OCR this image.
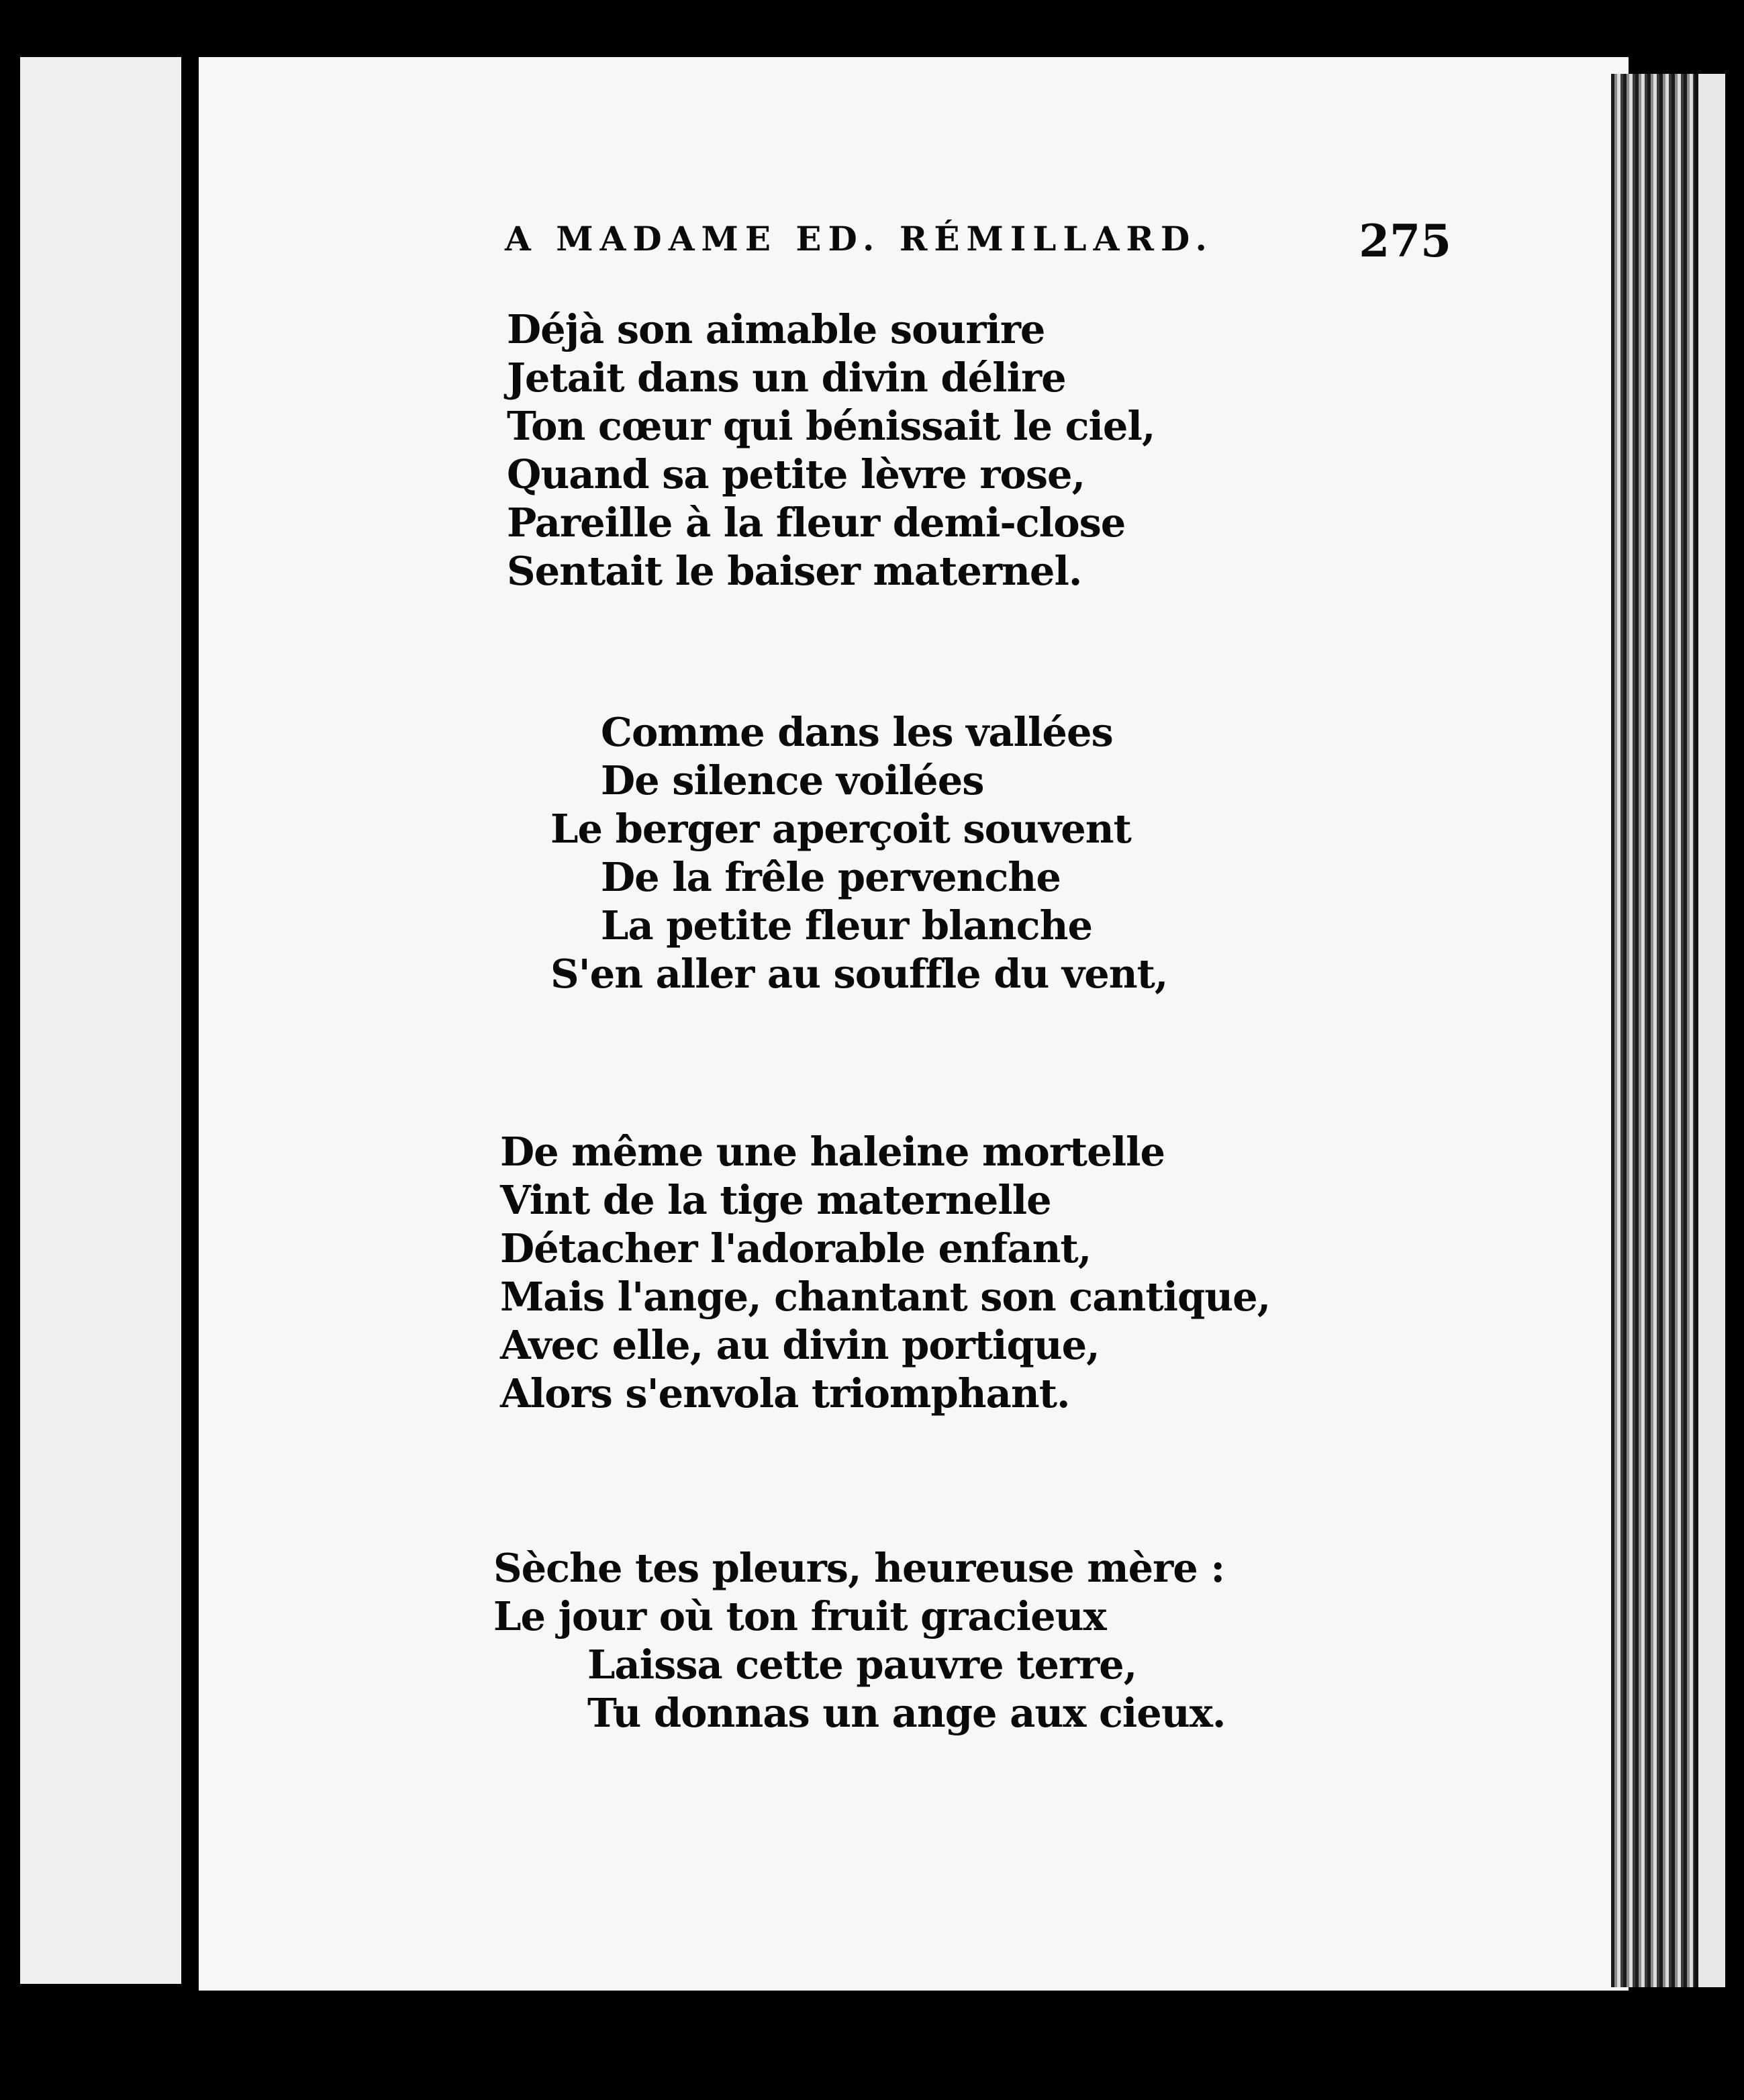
A MADAME ED. RÉMILLARD.	275
Déjà son aimable sourire
Jetait dans un divin délire
Ton cœur qui bénissait le ciel,
Quand sa petite lèvre rose,
Pareille à la fleur demi-close
Sentait le baiser maternel.
Comme dans les vallées
De silence voilées
Le berger aperçoit souvent
De la frêle pervenche
La petite fleur blanche
S'en aller au souffle du vent,
De même une haleine mortelle
Vint de la tige maternelle
Détacher l'adorable enfant,
Mais l'ange, chantant son cantique,
Avec elle, au divin portique,
Alors s'envola triomphant.
Sèche tes pleurs, heureuse mère :
Le jour où ton fruit gracieux
Laissa cette pauvre terre,
Tu donnas un ange aux cieux.
